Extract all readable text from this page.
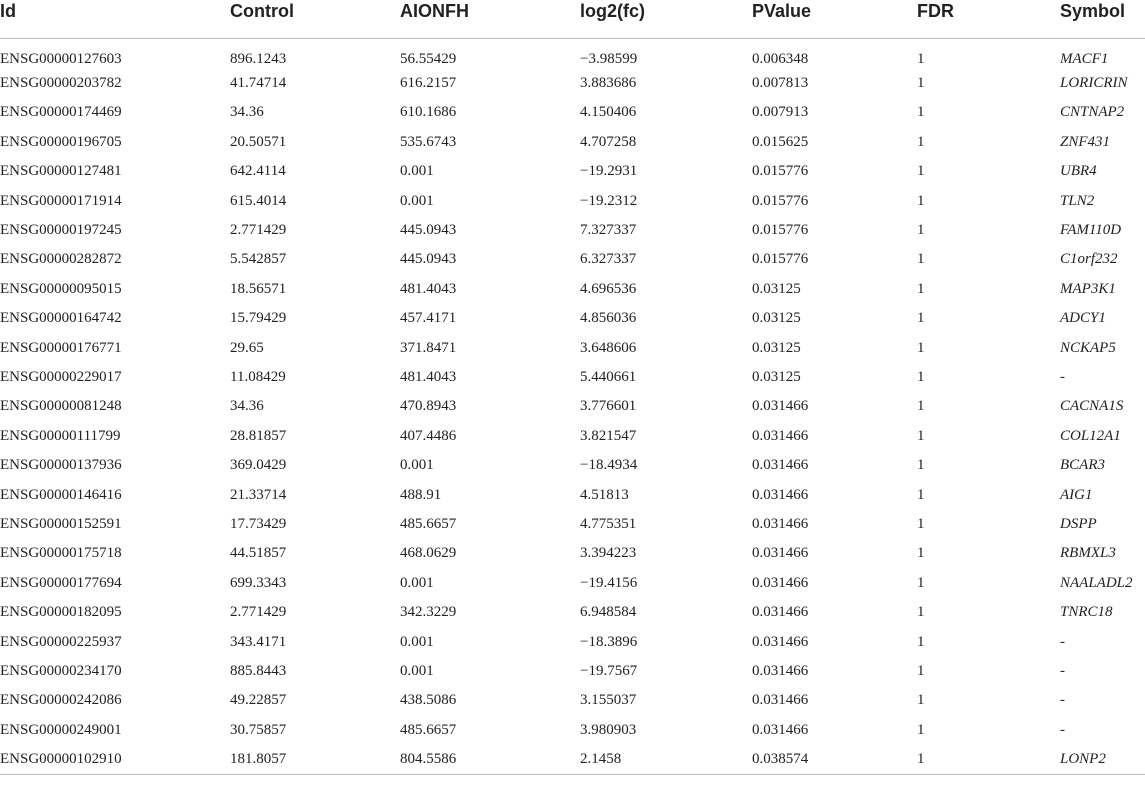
Id	Control	AIONFH	log2(fc)	PValue	FDR	Symbol
ENSG00000127603	896.1243	56.55429	−3.98599	0.006348	1	MACF1
ENSG00000203782	41.74714	616.2157	3.883686	0.007813	1	LORICRIN
ENSG00000174469	34.36	610.1686	4.150406	0.007913	1	CNTNAP2
ENSG00000196705	20.50571	535.6743	4.707258	0.015625	1	ZNF431
ENSG00000127481	642.4114	0.001	−19.2931	0.015776	1	UBR4
ENSG00000171914	615.4014	0.001	−19.2312	0.015776	1	TLN2
ENSG00000197245	2.771429	445.0943	7.327337	0.015776	1	FAM110D
ENSG00000282872	5.542857	445.0943	6.327337	0.015776	1	C1orf232
ENSG00000095015	18.56571	481.4043	4.696536	0.03125	1	MAP3K1
ENSG00000164742	15.79429	457.4171	4.856036	0.03125	1	ADCY1
ENSG00000176771	29.65	371.8471	3.648606	0.03125	1	NCKAP5
ENSG00000229017	11.08429	481.4043	5.440661	0.03125	1	-
ENSG00000081248	34.36	470.8943	3.776601	0.031466	1	CACNA1S
ENSG00000111799	28.81857	407.4486	3.821547	0.031466	1	COL12A1
ENSG00000137936	369.0429	0.001	−18.4934	0.031466	1	BCAR3
ENSG00000146416	21.33714	488.91	4.51813	0.031466	1	AIG1
ENSG00000152591	17.73429	485.6657	4.775351	0.031466	1	DSPP
ENSG00000175718	44.51857	468.0629	3.394223	0.031466	1	RBMXL3
ENSG00000177694	699.3343	0.001	−19.4156	0.031466	1	NAALADL2
ENSG00000182095	2.771429	342.3229	6.948584	0.031466	1	TNRC18
ENSG00000225937	343.4171	0.001	−18.3896	0.031466	1	-
ENSG00000234170	885.8443	0.001	−19.7567	0.031466	1	-
ENSG00000242086	49.22857	438.5086	3.155037	0.031466	1	-
ENSG00000249001	30.75857	485.6657	3.980903	0.031466	1	-
ENSG00000102910	181.8057	804.5586	2.1458	0.038574	1	LONP2
